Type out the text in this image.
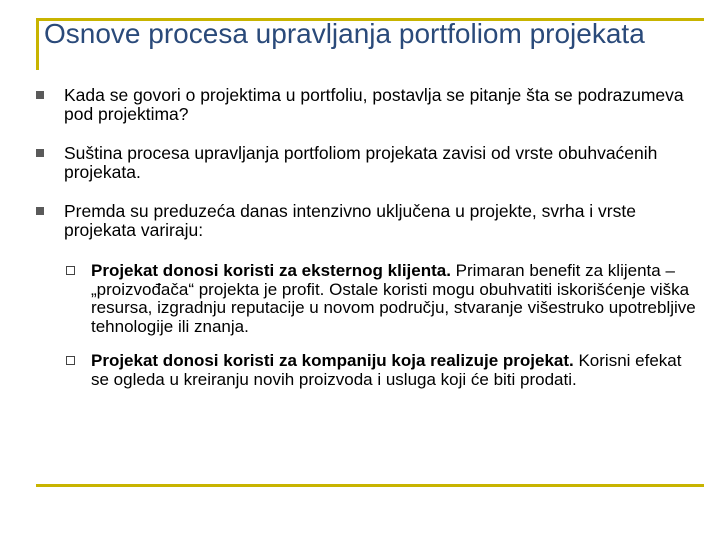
Osnove procesa upravljanja portfoliom projekata
Kada se govori o projektima u portfoliu, postavlja se pitanje šta se podrazumeva pod projektima?
Suština procesa upravljanja portfoliom projekata zavisi od vrste obuhvaćenih projekata.
Premda su preduzeća danas intenzivno uključena u projekte, svrha i vrste projekata variraju:
Projekat donosi koristi za eksternog klijenta. Primaran benefit za klijenta – „proizvođača“ projekta je profit. Ostale koristi mogu obuhvatiti iskorišćenje viška resursa, izgradnju reputacije u novom području, stvaranje višestruko upotrebljive tehnologije ili znanja.
Projekat donosi koristi za kompaniju koja realizuje projekat. Korisni efekat se ogleda u kreiranju novih proizvoda i usluga koji će biti prodati.
